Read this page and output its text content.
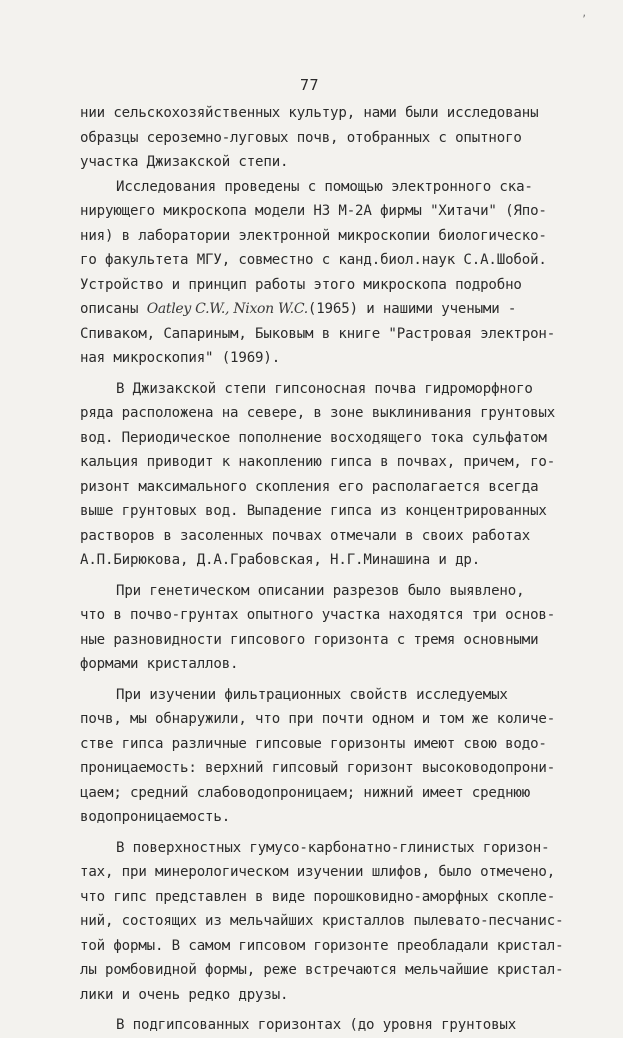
ʼ
77
нии сельскохозяйственных культур, нами были исследованы
образцы сероземно-луговых почв, отобранных с опытного
участка Джизакской степи.
Исследования проведены с помощью электронного ска-
нирующего микроскопа модели НЗ М-2А фирмы "Хитачи" (Япо-
ния) в лаборатории электронной микроскопии биологическо-
го факультета МГУ, совместно с канд.биол.наук С.А.Шобой.
Устройство и принцип работы этого микроскопа подробно
описаны Oatley C.W., Nixon W.C.(1965) и нашими учеными -
Спиваком, Сапариным, Быковым в книге "Растровая электрон-
ная микроскопия" (1969).
В Джизакской степи гипсоносная почва гидроморфного
ряда расположена на севере, в зоне выклинивания грунтовых
вод. Периодическое пополнение восходящего тока сульфатом
кальция приводит к накоплению гипса в почвах, причем, го-
ризонт максимального скопления его располагается всегда
выше грунтовых вод. Выпадение гипса из концентрированных
растворов в засоленных почвах отмечали в своих работах
А.П.Бирюкова, Д.А.Грабовская, Н.Г.Минашина и др.
При генетическом описании разрезов было выявлено,
что в почво-грунтах опытного участка находятся три основ-
ные разновидности гипсового горизонта с тремя основными
формами кристаллов.
При изучении фильтрационных свойств исследуемых
почв, мы обнаружили, что при почти одном и том же количе-
стве гипса различные гипсовые горизонты имеют свою водо-
проницаемость: верхний гипсовый горизонт высоководопрони-
цаем; средний слабоводопроницаем; нижний имеет среднюю
водопроницаемость.
В поверхностных гумусо-карбонатно-глинистых горизон-
тах, при минерологическом изучении шлифов, было отмечено,
что гипс представлен в виде порошковидно-аморфных скопле-
ний, состоящих из мельчайших кристаллов пылевато-песчанис-
той формы. В самом гипсовом горизонте преобладали кристал-
лы ромбовидной формы, реже встречаются мельчайшие кристал-
лики и очень редко друзы.
В подгипсованных горизонтах (до уровня грунтовых
